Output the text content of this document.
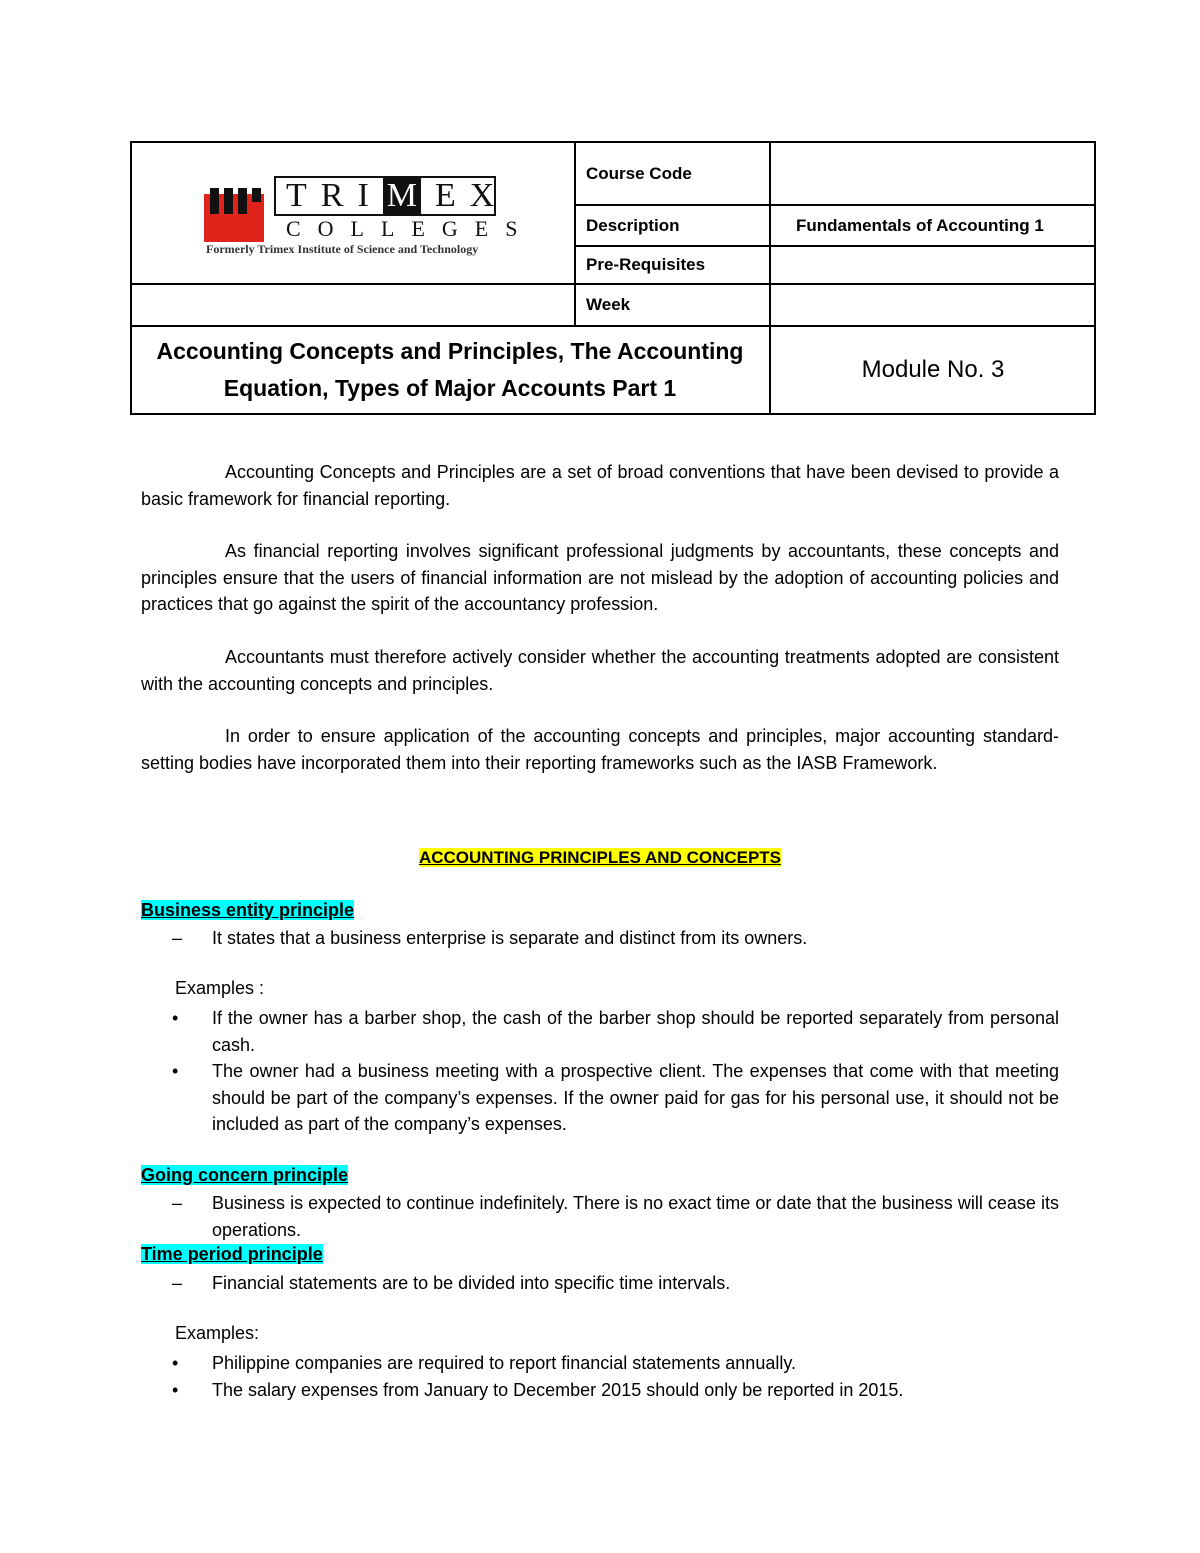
TRI M EX
COLLEGES
Formerly Trimex Institute of Science and Technology
Course Code
Description	Fundamentals of Accounting 1
Pre-Requisites
Week
Accounting Concepts and Principles, The Accounting
Equation, Types of Major Accounts Part 1
Module No. 3
Accounting Concepts and Principles are a set of broad conventions that have been devised to provide a basic framework for financial reporting.
As financial reporting involves significant professional judgments by accountants, these concepts and principles ensure that the users of financial information are not mislead by the adoption of accounting policies and practices that go against the spirit of the accountancy profession.
Accountants must therefore actively consider whether the accounting treatments adopted are consistent with the accounting concepts and principles.
In order to ensure application of the accounting concepts and principles, major accounting standard-setting bodies have incorporated them into their reporting frameworks such as the IASB Framework.
ACCOUNTING PRINCIPLES AND CONCEPTS
Business entity principle
–	It states that a business enterprise is separate and distinct from its owners.
Examples :
•	If the owner has a barber shop, the cash of the barber shop should be reported separately from personal cash.
•	The owner had a business meeting with a prospective client. The expenses that come with that meeting should be part of the company’s expenses. If the owner paid for gas for his personal use, it should not be included as part of the company’s expenses.
Going concern principle
–	Business is expected to continue indefinitely. There is no exact time or date that the business will cease its operations.
Time period principle
–	Financial statements are to be divided into specific time intervals.
Examples:
•	Philippine companies are required to report financial statements annually.
•	The salary expenses from January to December 2015 should only be reported in 2015.
